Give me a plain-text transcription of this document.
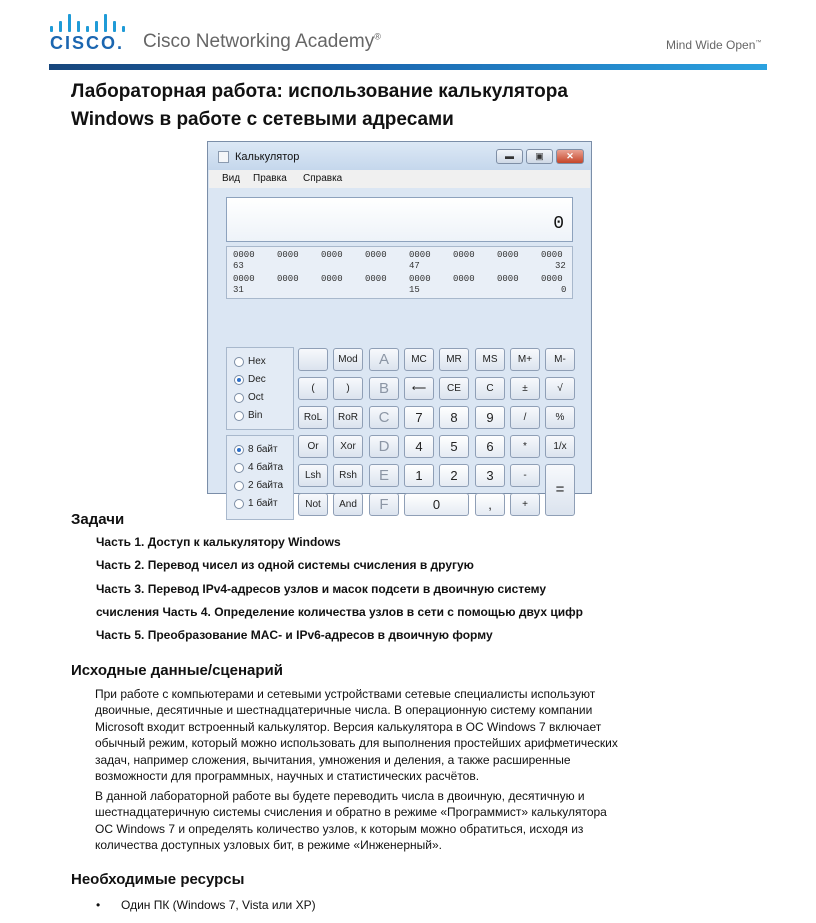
CISCO. Cisco Networking Academy®
Mind Wide Open™
Лабораторная работа: использование калькулятора
Windows в работе с сетевыми адресами
Калькулятор	▬	▣	✕
Вид Правка Справка
0
0000 0000 0000 0000 0000 0000 0000 0000
63	47	32
0000 0000 0000 0000 0000 0000 0000 0000
31	15	0
Hex
Dec
Oct
Bin
8 байт
4 байта
2 байта
1 байт
Mod	A	MC	MR	MS	M+	M-
(	)	B	⟵	CE	C	±	√
RoL	RoR	C	7	8	9	/	%
Or	Xor	D	4	5	6	*	1/x
Lsh	Rsh	E	1	2	3	-
Not	And	F	0	,	+
=
Задачи
Часть 1. Доступ к калькулятору Windows
Часть 2. Перевод чисел из одной системы счисления в другую
Часть 3. Перевод IPv4-адресов узлов и масок подсети в двоичную систему
счисления Часть 4. Определение количества узлов в сети с помощью двух цифр
Часть 5. Преобразование MAC- и IPv6-адресов в двоичную форму
Исходные данные/сценарий
При работе с компьютерами и сетевыми устройствами сетевые специалисты используют
двоичные, десятичные и шестнадцатеричные числа. В операционную систему компании
Microsoft входит встроенный калькулятор. Версия калькулятора в ОС Windows 7 включает
обычный режим, который можно использовать для выполнения простейших арифметических
задач, например сложения, вычитания, умножения и деления, а также расширенные
возможности для программных, научных и статистических расчётов.
В данной лабораторной работе вы будете переводить числа в двоичную, десятичную и
шестнадцатеричную системы счисления и обратно в режиме «Программист» калькулятора
ОС Windows 7 и определять количество узлов, к которым можно обратиться, исходя из
количества доступных узловых бит, в режиме «Инженерный».
Необходимые ресурсы
• Один ПК (Windows 7, Vista или XP)
